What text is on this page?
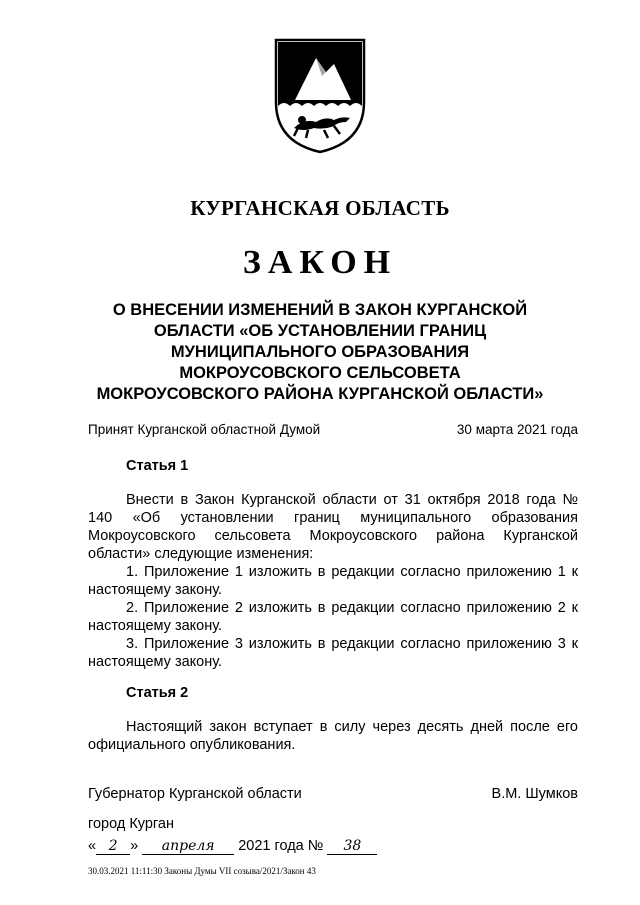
КУРГАНСКАЯ ОБЛАСТЬ
ЗАКОН
О ВНЕСЕНИИ ИЗМЕНЕНИЙ В ЗАКОН КУРГАНСКОЙ
ОБЛАСТИ «ОБ УСТАНОВЛЕНИИ ГРАНИЦ
МУНИЦИПАЛЬНОГО ОБРАЗОВАНИЯ
МОКРОУСОВСКОГО СЕЛЬСОВЕТА
МОКРОУСОВСКОГО РАЙОНА КУРГАНСКОЙ ОБЛАСТИ»
Принят Курганской областной Думой	30 марта 2021 года
Статья 1

Внести в Закон Курганской области от 31 октября 2018 года № 140 «Об установлении границ муниципального образования Мокроусовского сельсовета Мокроусовского района Курганской области» следующие изменения:

1. Приложение 1 изложить в редакции согласно приложению 1 к настоящему закону.

2. Приложение 2 изложить в редакции согласно приложению 2 к настоящему закону.

3. Приложение 3 изложить в редакции согласно приложению 3 к настоящему закону.

Статья 2

Настоящий закон вступает в силу через десять дней после его официального опубликования.

Губернатор Курганской области	В.М. Шумков
город Курган
« 2 » апреля 2021 года № 38
30.03.2021 11:11:30 Законы Думы VII созыва/2021/Закон 43
